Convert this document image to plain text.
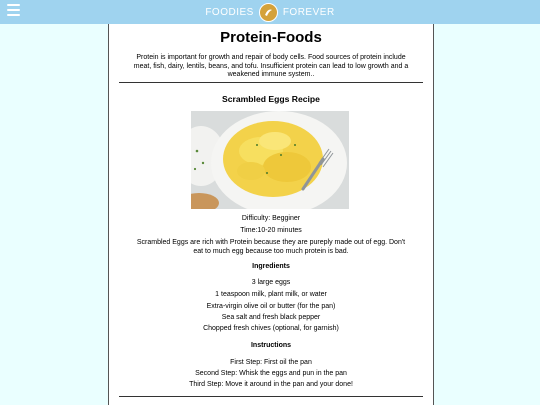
FOODIES	FOREVER
Protein-Foods

Protein is important for growth and repair of body cells. Food sources of protein include meat, fish, dairy, lentils, beans, and tofu. Insufficient protein can lead to low growth and a weakened immune system..

Scrambled Eggs Recipe

Difficulty: Begginer

Time:10-20 minutes

Scrambled Eggs are rich with Protein because they are pureply made out of egg. Don't eat to much egg because too much protein is bad.

Ingredients

3 large eggs

1 teaspoon milk, plant milk, or water

Extra-virgin olive oil or butter (for the pan)

Sea salt and fresh black pepper

Chopped fresh chives (optional, for garnish)

Instructions

First Step: First oil the pan

Second Step: Whisk the eggs and pun in the pan

Third Step: Move it around in the pan and your done!
